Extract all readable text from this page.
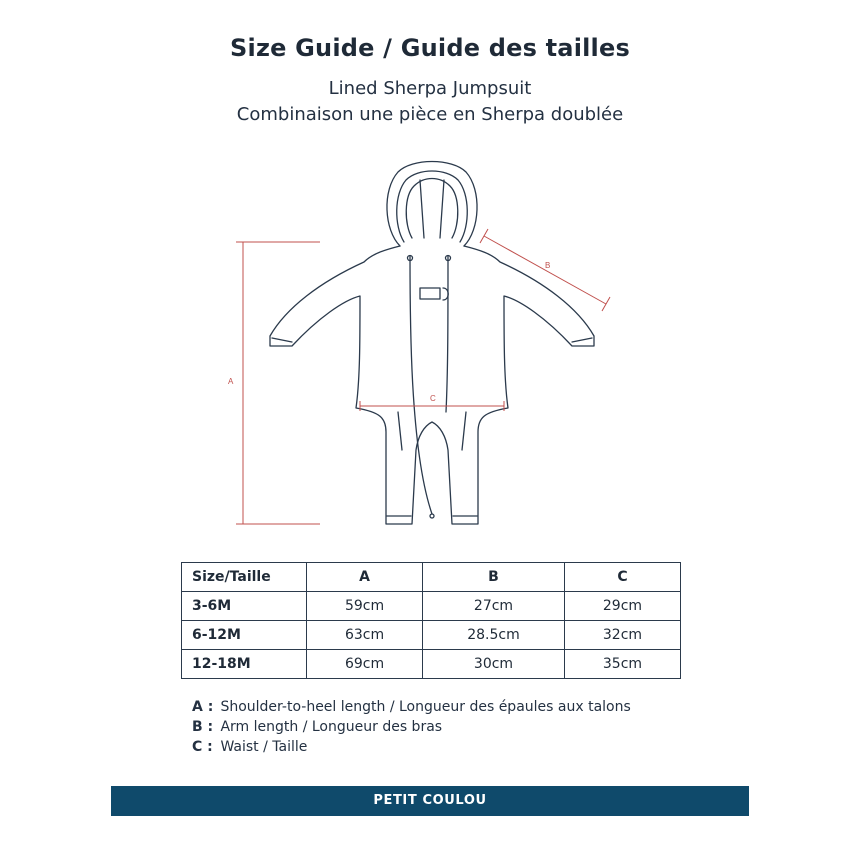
Size Guide / Guide des tailles
Lined Sherpa Jumpsuit
Combinaison une pièce en Sherpa doublée
A
B
C
Size/Taille	A	B	C
3-6M	59cm	27cm	29cm
6-12M	63cm	28.5cm	32cm
12-18M	69cm	30cm	35cm
A : Shoulder-to-heel length / Longueur des épaules aux talons
B : Arm length / Longueur des bras
C : Waist / Taille
PETIT COULOU
